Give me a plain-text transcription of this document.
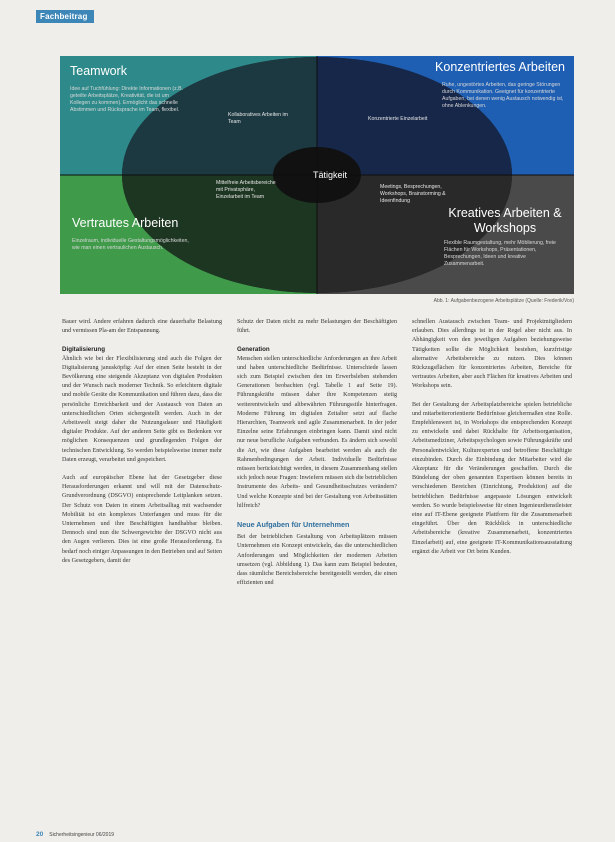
Fachbeitrag
Teamwork
Idee auf Tuchfühlung: Direkte Informationen (z.B. geteilte Arbeitsplätze, Kreativität, die ist um Kollegen zu kommen). Ermöglicht das schnelle Abstimmen und Rücksprache im Team, flexibel.
Konzentriertes Arbeiten
Ruhe, ungestörtes Arbeiten, das geringe Störungen durch Kommunikation. Geeignet für konzentrierte Aufgaben, bei denen wenig Austausch notwendig ist, ohne Ablenkungen.
Vertrautes Arbeiten
Einzelraum, individuelle Gestaltungsmöglichkeiten, wie man einen vertraulichen Austausch.
Kreatives Arbeiten & Workshops
Flexible Raumgestaltung, mehr Möblierung, freie Flächen für Workshops, Präsentationen, Besprechungen, Ideen und kreative Zusammenarbeit.
Kollaboratives Arbeiten im Team	Konzentrierte Einzelarbeit
Mittelfreie Arbeitsbereiche mit Privatsphäre, Einzelarbeit im Team
Meetings, Besprechungen, Workshops, Brainstorming & Ideenfindung
Tätigkeit
Abb. 1: Aufgabenbezogene Arbeitsplätze (Quelle: Frederik/Vox)

Bauer wird. Andere erfahren dadurch eine dauerhafte Belastung und vermissen Pla-am der Entspannung.

Digitalisierung

Ähnlich wie bei der Flexibilisierung sind auch die Folgen der Digitalisierung janusköpfig: Auf der einen Seite besteht in der Bevölkerung eine steigende Akzeptanz von digitalen Produkten und der Wunsch nach moderner Technik. So erleichtern digitale und mobile Geräte die Kommunikation und führen dazu, dass die persönliche Erreichbarkeit und der Austausch von Daten an unterschiedlichen Orten sichergestellt werden. Auch in der Arbeitswelt steigt daher die Nutzungsdauer und Häufigkeit digitaler Produkte. Auf der anderen Seite gibt es Bedenken vor möglichen Konsequenzen und grundlegenden Folgen der technischen Entwicklung. So werden beispielsweise immer mehr Daten erzeugt, verarbeitet und gespeichert.

Auch auf europäischer Ebene hat der Gesetzgeber diese Herausforderungen erkannt und will mit der Datenschutz-Grundverordnung (DSGVO) entsprechende Leitplanken setzen. Der Schutz von Daten in einem Arbeitsalltag mit wachsender Mobilität ist ein komplexes Unterfangen und muss für die Unternehmen und ihre Beschäftigten handhabbar bleiben. Dennoch sind nun die Schwergewichte der DSGVO nicht aus den Augen verlieren. Dies ist eine große Herausforderung. Es bedarf noch einiger Anpassungen in den Betrieben und auf Seiten des Gesetzgebers, damit der

Schutz der Daten nicht zu mehr Belastungen der Beschäftigten führt.

Generation

Menschen stellen unterschiedliche Anforderungen an ihre Arbeit und haben unterschiedliche Bedürfnisse. Unterschiede lassen sich zum Beispiel zwischen den im Erwerbsleben stehenden Generationen beobachten (vgl. Tabelle 1 auf Seite 19). Führungskräfte müssen daher ihre Kompetenzen stetig weiterentwickeln und altbewährten Führungsstile hinterfragen. Moderne Führung im digitalen Zeitalter setzt auf flache Hierarchien, Teamwork und agile Zusammenarbeit. In der jeder Einzelne seine Erfahrungen einbringen kann. Damit sind nicht nur neue berufliche Aufgaben verbunden. Es ändern sich sowohl die Art, wie diese Aufgaben bearbeitet werden als auch die Rahmenbedingungen der Arbeit. Individuelle Bedürfnisse müssen berücksichtigt werden, in diesem Zusammenhang stellen sich jedoch neue Fragen: Inwiefern müssen sich die betrieblichen Instrumente des Arbeits- und Gesundheitsschutzes verändern? Und welche Konzepte sind bei der Gestaltung von Arbeitsstätten hilfreich?

Neue Aufgaben für Unternehmen

Bei der betrieblichen Gestaltung von Arbeitsplätzen müssen Unternehmen ein Konzept entwickeln, das die unterschiedlichen Anforderungen und Möglichkeiten der modernen Arbeiten umsetzen (vgl. Abbildung 1). Das kann zum Beispiel bedeuten, dass räumliche Bereichsbereiche bereitgestellt werden, die einen effizienten und

schnellen Austausch zwischen Team- und Projektmitgliedern erlauben. Dies allerdings ist in der Regel aber nicht aus. In Abhängigkeit von den jeweiligen Aufgaben beziehungsweise Tätigkeiten sollte die Möglichkeit bestehen, kurzfristige alternative Arbeitsbereiche zu nutzen. Dies können Rückzugsflächen für konzentriertes Arbeiten, Bereiche für vertrautes Arbeiten, aber auch Flächen für kreatives Arbeiten und Workshops sein.

Bei der Gestaltung der Arbeitsplatzbereiche spielen betriebliche und mitarbeiterorientierte Bedürfnisse gleichermaßen eine Rolle. Empfehlenswert ist, in Workshops die entsprechenden Konzept zu entwickeln und dabei Rückhalte für Arbeitsorganisation, Arbeitsmediziner, Arbeitspsychologen sowie Führungskräfte und Personalentwickler, Kulturexperten und betroffene Beschäftigte einzubinden. Durch die Einbindung der Mitarbeiter wird die Akzeptanz für die Veränderungen geschaffen. Durch die Bündelung der oben genannten Expertisen können bereits in verschiedenen Bereichen (Einrichtung, Produktion) auf die betrieblichen Bedürfnisse angepasste Lösungen entwickelt werden. So wurde beispielsweise für einen Ingenieurdienstleister eine auf IT-Ebene geeignete Plattform für die Zusammenarbeit eingeführt. Über den Rückblick in unterschiedliche Arbeitsbereiche (kreative Zusammenarbeit, konzentriertes Einzelarbeit) auf, eine geeignete IT-Kommunikationsausstattung ergänzt die Arbeit vor Ort beim Kunden.

20 Sicherheitsingenieur 06/2019
